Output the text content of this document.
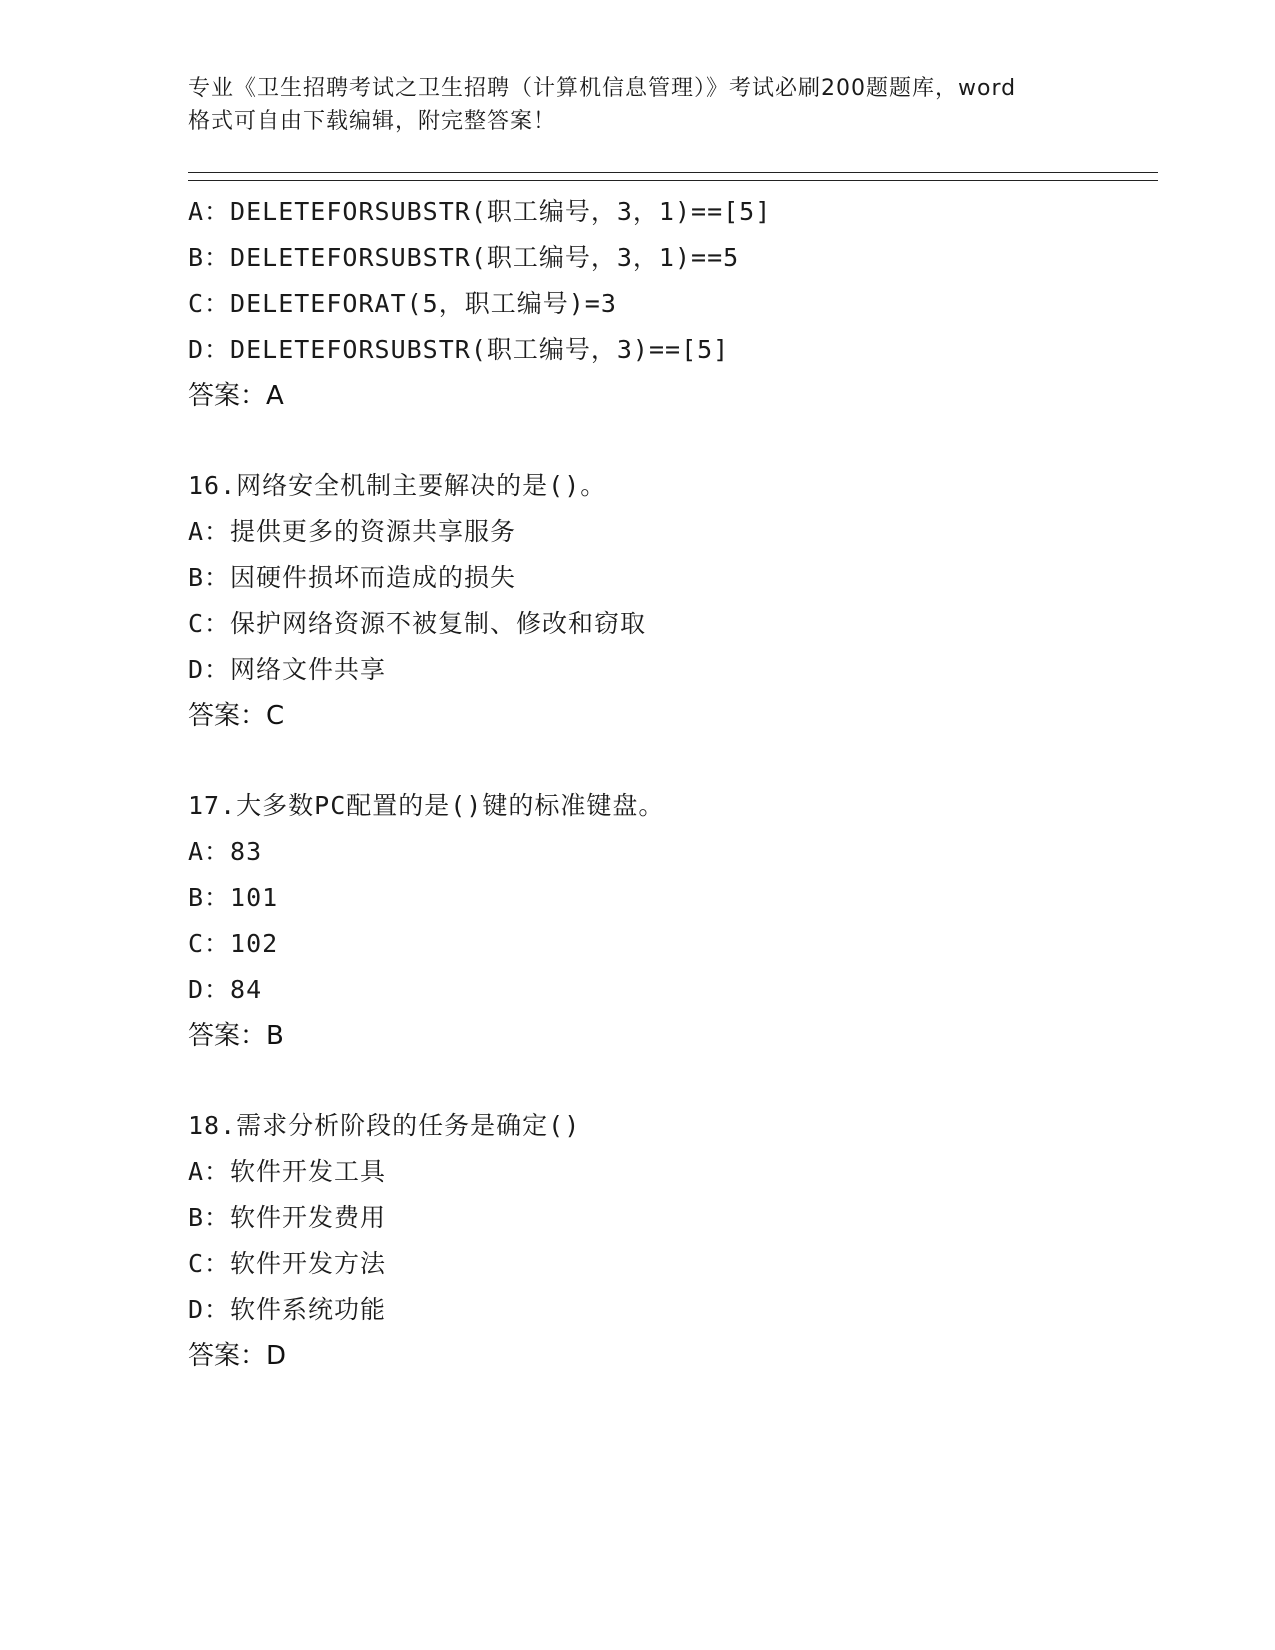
专业《卫生招聘考试之卫生招聘（计算机信息管理）》考试必刷200题题库，word

格式可自由下载编辑，附完整答案！

A：DELETEFORSUBSTR(职工编号，3，1)==[5]

B：DELETEFORSUBSTR(职工编号，3，1)==5

C：DELETEFORAT(5，职工编号)=3

D：DELETEFORSUBSTR(职工编号，3)==[5]

答案：A

16.网络安全机制主要解决的是()。

A：提供更多的资源共享服务

B：因硬件损坏而造成的损失

C：保护网络资源不被复制、修改和窃取

D：网络文件共享

答案：C

17.大多数PC配置的是()键的标准键盘。

A：83

B：101

C：102

D：84

答案：B

18.需求分析阶段的任务是确定()

A：软件开发工具

B：软件开发费用

C：软件开发方法

D：软件系统功能

答案：D
